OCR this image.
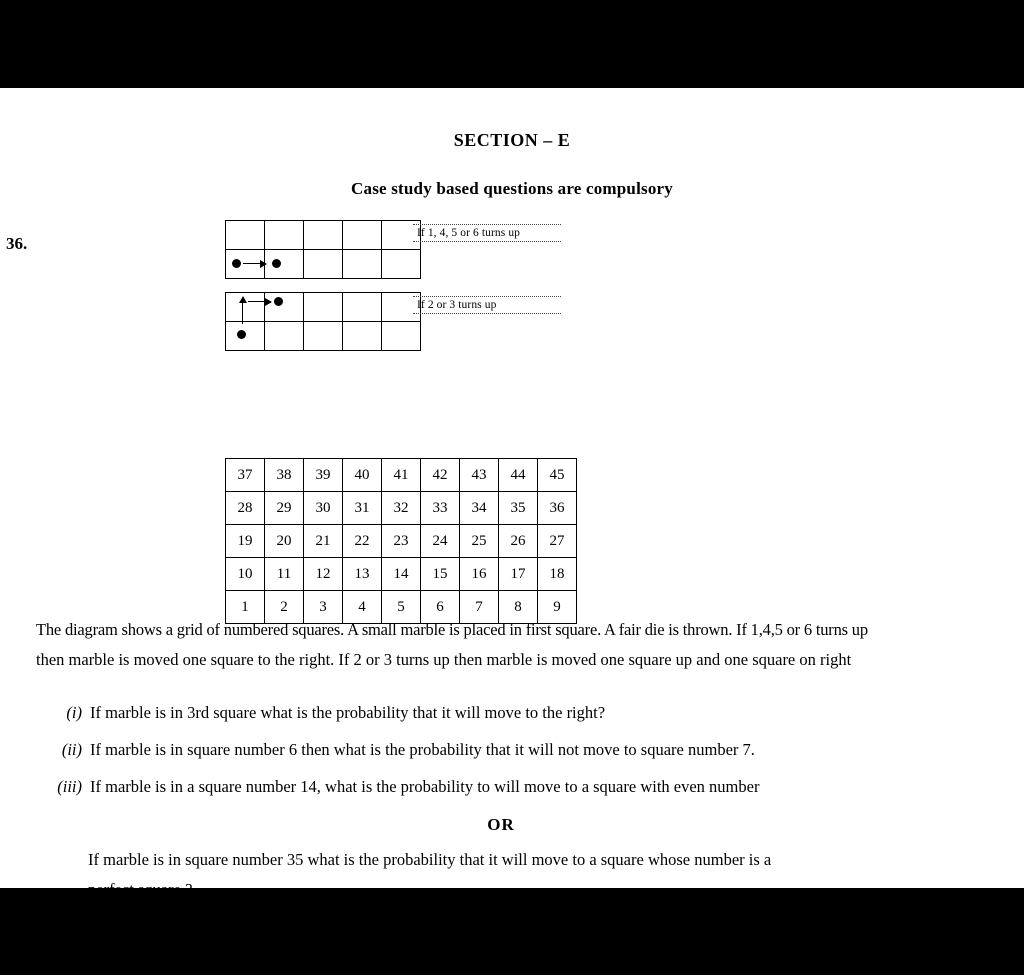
SECTION – E
Case study based questions are compulsory
36.

If 1, 4, 5 or 6 turns up

If 2 or 3 turns up
37	38	39	40	41	42	43	44	45
28	29	30	31	32	33	34	35	36
19	20	21	22	23	24	25	26	27
10	11	12	13	14	15	16	17	18
1	2	3	4	5	6	7	8	9
The diagram shows a grid of numbered squares. A small marble is placed in first square. A fair die is thrown. If 1,4,5 or 6 turns up
then marble is moved one square to the right. If 2 or 3 turns up then marble is moved one square up and one square on right
(i) If marble is in 3rd square what is the probability that it will move to the right?
(ii) If marble is in square number 6 then what is the probability that it will not move to square number 7.
(iii) If marble is in a square number 14, what is the probability to will move to a square with even number
OR
If marble is in square number 35 what is the probability that it will move to a square whose number is a
perfect square ?
